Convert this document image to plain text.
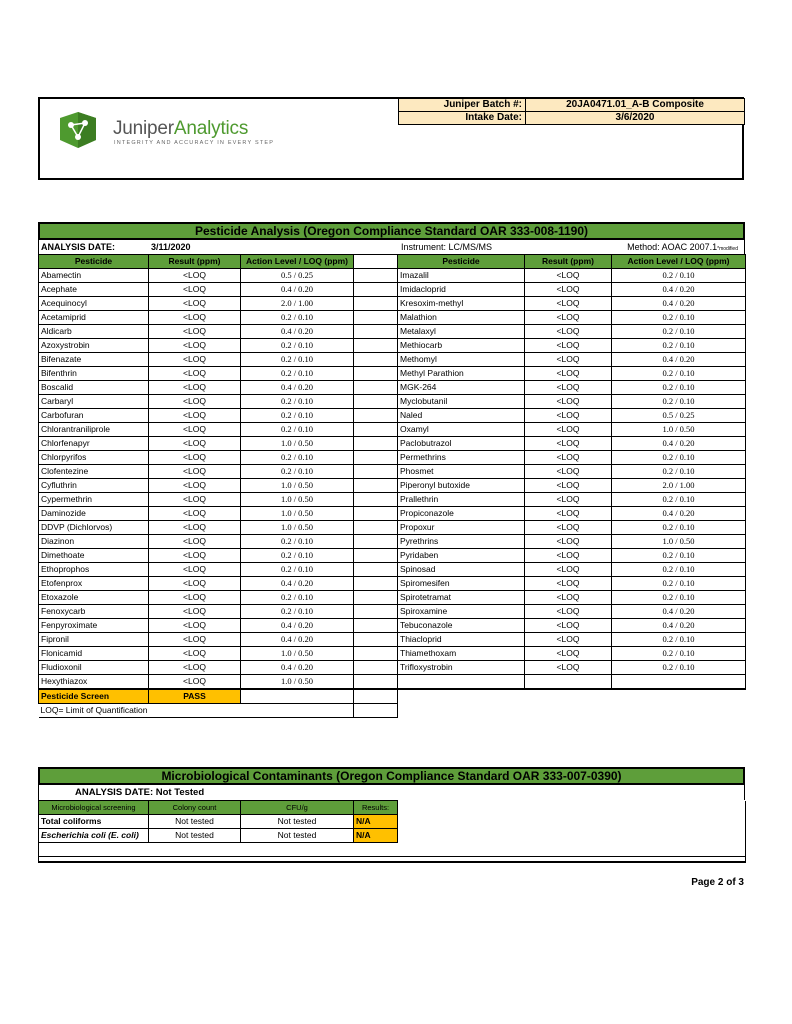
JuniperAnalytics
INTEGRITY AND ACCURACY IN EVERY STEP
Juniper Batch #:	20JA0471.01_A-B Composite
Intake Date:	3/6/2020
Pesticide Analysis (Oregon Compliance Standard OAR 333-008-1190)
ANALYSIS DATE:	3/11/2020	Instrument: LC/MS/MS	Method: AOAC 2007.1*modified
Pesticide	Result (ppm)	Action Level / LOQ (ppm)		Pesticide	Result (ppm)	Action Level / LOQ (ppm)
Abamectin	<LOQ	0.5 / 0.25		Imazalil	<LOQ	0.2 / 0.10
Acephate	<LOQ	0.4 / 0.20		Imidacloprid	<LOQ	0.4 / 0.20
Acequinocyl	<LOQ	2.0 / 1.00		Kresoxim-methyl	<LOQ	0.4 / 0.20
Acetamiprid	<LOQ	0.2 / 0.10		Malathion	<LOQ	0.2 / 0.10
Aldicarb	<LOQ	0.4 / 0.20		Metalaxyl	<LOQ	0.2 / 0.10
Azoxystrobin	<LOQ	0.2 / 0.10		Methiocarb	<LOQ	0.2 / 0.10
Bifenazate	<LOQ	0.2 / 0.10		Methomyl	<LOQ	0.4 / 0.20
Bifenthrin	<LOQ	0.2 / 0.10		Methyl Parathion	<LOQ	0.2 / 0.10
Boscalid	<LOQ	0.4 / 0.20		MGK-264	<LOQ	0.2 / 0.10
Carbaryl	<LOQ	0.2 / 0.10		Myclobutanil	<LOQ	0.2 / 0.10
Carbofuran	<LOQ	0.2 / 0.10		Naled	<LOQ	0.5 / 0.25
Chlorantraniliprole	<LOQ	0.2 / 0.10		Oxamyl	<LOQ	1.0 / 0.50
Chlorfenapyr	<LOQ	1.0 / 0.50		Paclobutrazol	<LOQ	0.4 / 0.20
Chlorpyrifos	<LOQ	0.2 / 0.10		Permethrins	<LOQ	0.2 / 0.10
Clofentezine	<LOQ	0.2 / 0.10		Phosmet	<LOQ	0.2 / 0.10
Cyfluthrin	<LOQ	1.0 / 0.50		Piperonyl butoxide	<LOQ	2.0 / 1.00
Cypermethrin	<LOQ	1.0 / 0.50		Prallethrin	<LOQ	0.2 / 0.10
Daminozide	<LOQ	1.0 / 0.50		Propiconazole	<LOQ	0.4 / 0.20
DDVP (Dichlorvos)	<LOQ	1.0 / 0.50		Propoxur	<LOQ	0.2 / 0.10
Diazinon	<LOQ	0.2 / 0.10		Pyrethrins	<LOQ	1.0 / 0.50
Dimethoate	<LOQ	0.2 / 0.10		Pyridaben	<LOQ	0.2 / 0.10
Ethoprophos	<LOQ	0.2 / 0.10		Spinosad	<LOQ	0.2 / 0.10
Etofenprox	<LOQ	0.4 / 0.20		Spiromesifen	<LOQ	0.2 / 0.10
Etoxazole	<LOQ	0.2 / 0.10		Spirotetramat	<LOQ	0.2 / 0.10
Fenoxycarb	<LOQ	0.2 / 0.10		Spiroxamine	<LOQ	0.4 / 0.20
Fenpyroximate	<LOQ	0.4 / 0.20		Tebuconazole	<LOQ	0.4 / 0.20
Fipronil	<LOQ	0.4 / 0.20		Thiacloprid	<LOQ	0.2 / 0.10
Flonicamid	<LOQ	1.0 / 0.50		Thiamethoxam	<LOQ	0.2 / 0.10
Fludioxonil	<LOQ	0.4 / 0.20		Trifloxystrobin	<LOQ	0.2 / 0.10
Hexythiazox	<LOQ	1.0 / 0.50				
Pesticide Screen	PASS			
LOQ= Limit of Quantification				
Microbiological Contaminants (Oregon Compliance Standard OAR 333-007-0390)
ANALYSIS DATE: Not Tested
Microbiological screening	Colony count	CFU/g	Results:	
Total coliforms	Not tested	Not tested	N/A	
Escherichia coli (E. coli)	Not tested	Not tested	N/A	

Page 2 of 3
